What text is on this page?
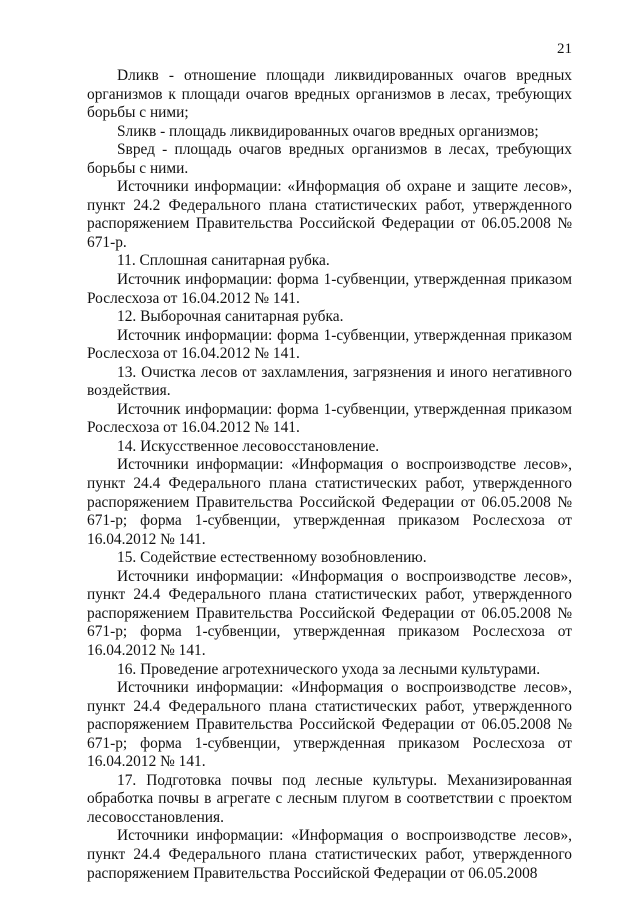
21

Dликв - отношение площади ликвидированных очагов вредных организмов к площади очагов вредных организмов в лесах, требующих борьбы с ними;

Sликв - площадь ликвидированных очагов вредных организмов;

Sвред - площадь очагов вредных организмов в лесах, требующих борьбы с ними.

Источники информации: «Информация об охране и защите лесов», пункт 24.2 Федерального плана статистических работ, утвержденного распоряжением Правительства Российской Федерации от 06.05.2008 № 671-р.

11. Сплошная санитарная рубка.

Источник информации: форма 1-субвенции, утвержденная приказом Рослесхоза от 16.04.2012 № 141.

12. Выборочная санитарная рубка.

Источник информации: форма 1-субвенции, утвержденная приказом Рослесхоза от 16.04.2012 № 141.

13. Очистка лесов от захламления, загрязнения и иного негативного воздействия.

Источник информации: форма 1-субвенции, утвержденная приказом Рослесхоза от 16.04.2012 № 141.

14. Искусственное лесовосстановление.

Источники информации: «Информация о воспроизводстве лесов», пункт 24.4 Федерального плана статистических работ, утвержденного распоряжением Правительства Российской Федерации от 06.05.2008 № 671-р; форма 1-субвенции, утвержденная приказом Рослесхоза от 16.04.2012 № 141.

15. Содействие естественному возобновлению.

Источники информации: «Информация о воспроизводстве лесов», пункт 24.4 Федерального плана статистических работ, утвержденного распоряжением Правительства Российской Федерации от 06.05.2008 № 671-р; форма 1-субвенции, утвержденная приказом Рослесхоза от 16.04.2012 № 141.

16. Проведение агротехнического ухода за лесными культурами.

Источники информации: «Информация о воспроизводстве лесов», пункт 24.4 Федерального плана статистических работ, утвержденного распоряжением Правительства Российской Федерации от 06.05.2008 № 671-р; форма 1-субвенции, утвержденная приказом Рослесхоза от 16.04.2012 № 141.

17. Подготовка почвы под лесные культуры. Механизированная обработка почвы в агрегате с лесным плугом в соответствии с проектом лесовосстановления.

Источники информации: «Информация о воспроизводстве лесов», пункт 24.4 Федерального плана статистических работ, утвержденного распоряжением Правительства Российской Федерации от 06.05.2008
